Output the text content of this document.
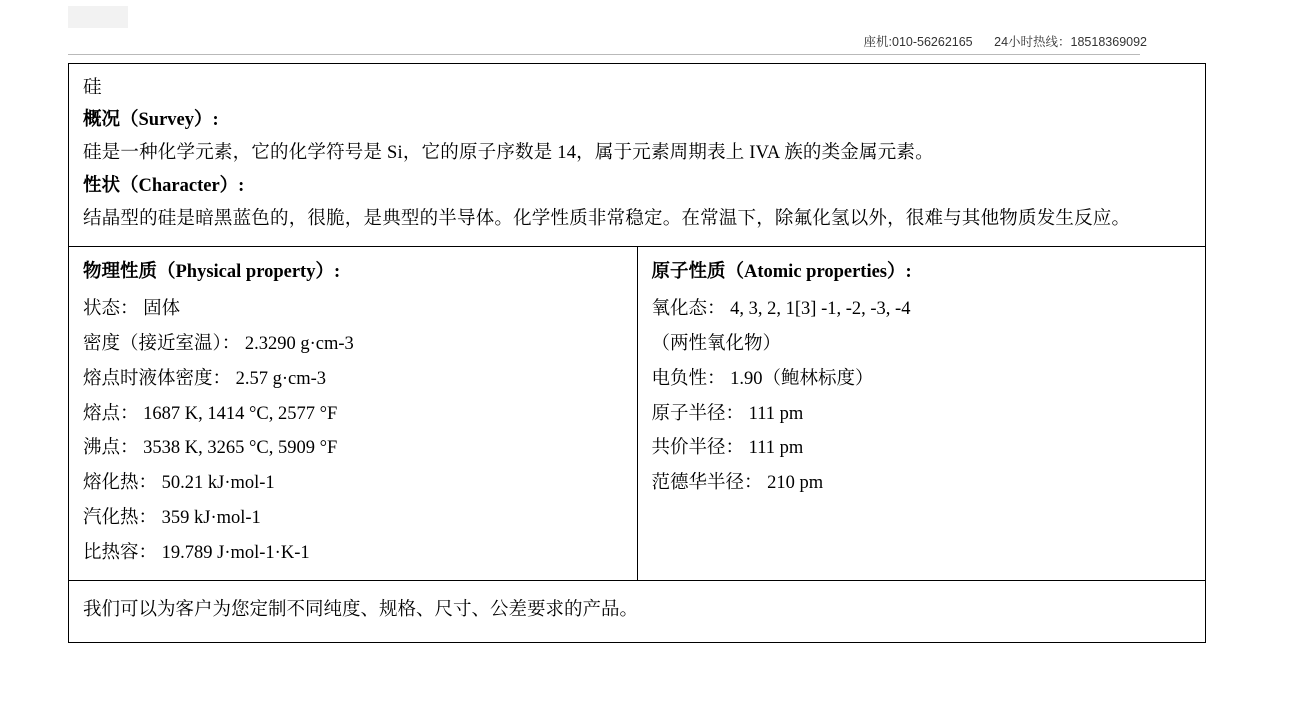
座机:010-56262165 24小时热线：18518369092
硅
概况（Survey）:
硅是一种化学元素，它的化学符号是 Si，它的原子序数是 14，属于元素周期表上 IVA 族的类金属元素。
性状（Character）:
结晶型的硅是暗黑蓝色的，很脆，是典型的半导体。化学性质非常稳定。在常温下，除氟化氢以外，很难与其他物质发生反应。

物理性质（Physical property）:
状态： 固体
密度（接近室温）： 2.3290 g·cm-3
熔点时液体密度： 2.57 g·cm-3
熔点： 1687 K, 1414 °C, 2577 °F
沸点： 3538 K, 3265 °C, 5909 °F
熔化热： 50.21 kJ·mol-1
汽化热： 359 kJ·mol-1
比热容： 19.789 J·mol-1·K-1

原子性质（Atomic properties）:
氧化态： 4, 3, 2, 1[3] -1, -2, -3, -4
（两性氧化物）
电负性： 1.90（鲍林标度）
原子半径： 111 pm
共价半径： 111 pm
范德华半径： 210 pm

我们可以为客户为您定制不同纯度、规格、尺寸、公差要求的产品。
